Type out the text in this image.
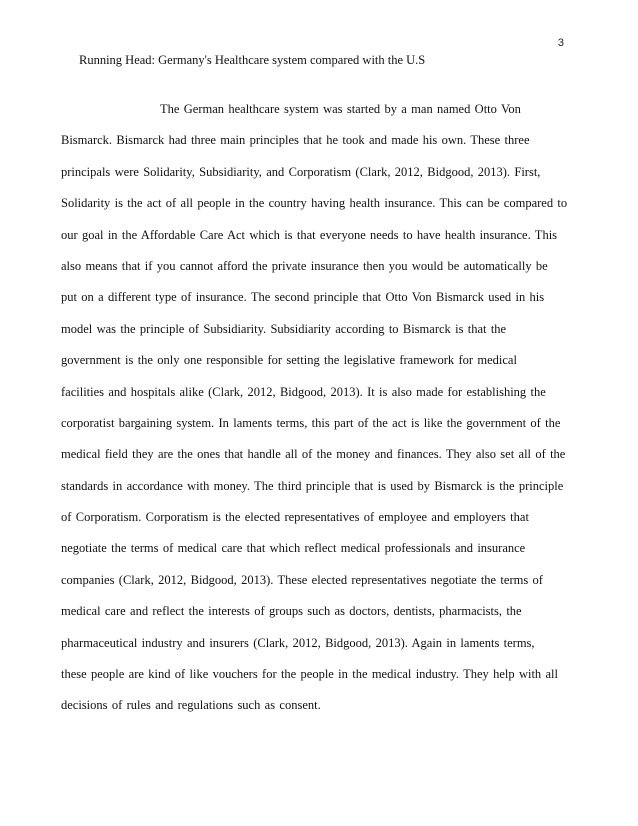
3
Running Head: Germany's Healthcare system compared with the U.S
The German healthcare system was started by a man named Otto Von
Bismarck. Bismarck had three main principles that he took and made his own. These three
principals were Solidarity, Subsidiarity, and Corporatism (Clark, 2012, Bidgood, 2013). First,
Solidarity is the act of all people in the country having health insurance. This can be compared to
our goal in the Affordable Care Act which is that everyone needs to have health insurance. This
also means that if you cannot afford the private insurance then you would be automatically be
put on a different type of insurance. The second principle that Otto Von Bismarck used in his
model was the principle of Subsidiarity. Subsidiarity according to Bismarck is that the
government is the only one responsible for setting the legislative framework for medical
facilities and hospitals alike (Clark, 2012, Bidgood, 2013). It is also made for establishing the
corporatist bargaining system. In laments terms, this part of the act is like the government of the
medical field they are the ones that handle all of the money and finances. They also set all of the
standards in accordance with money. The third principle that is used by Bismarck is the principle
of Corporatism. Corporatism is the elected representatives of employee and employers that
negotiate the terms of medical care that which reflect medical professionals and insurance
companies (Clark, 2012, Bidgood, 2013). These elected representatives negotiate the terms of
medical care and reflect the interests of groups such as doctors, dentists, pharmacists, the
pharmaceutical industry and insurers (Clark, 2012, Bidgood, 2013). Again in laments terms,
these people are kind of like vouchers for the people in the medical industry. They help with all
decisions of rules and regulations such as consent.
